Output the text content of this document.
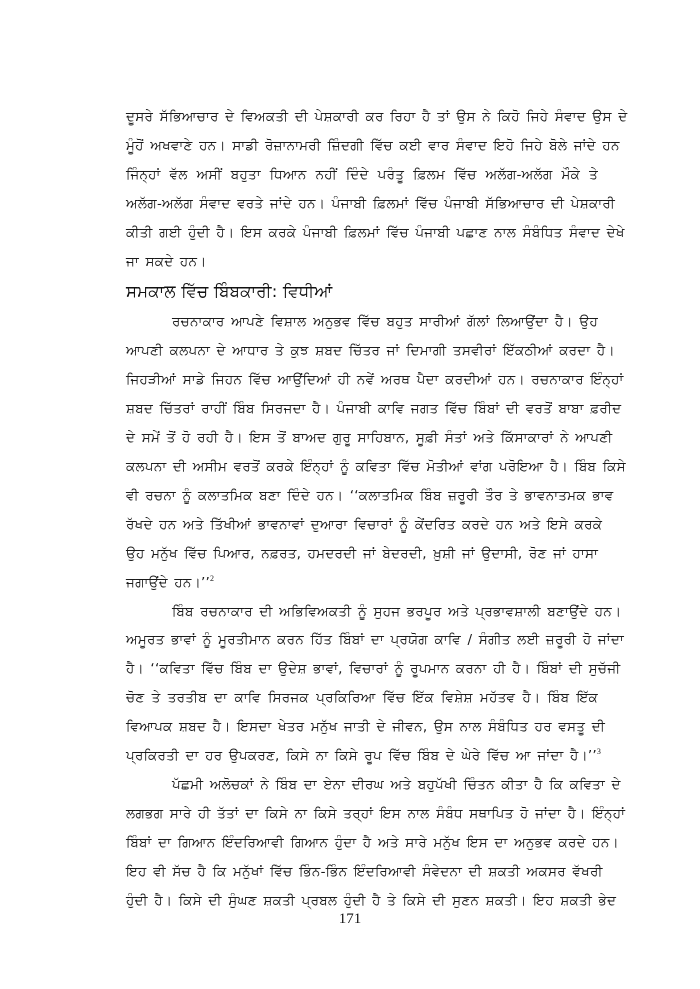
ਦੂਸਰੇ ਸੱਭਿਆਚਾਰ ਦੇ ਵਿਅਕਤੀ ਦੀ ਪੇਸ਼ਕਾਰੀ ਕਰ ਰਿਹਾ ਹੈ ਤਾਂ ਉਸ ਨੇ ਕਿਹੋ ਜਿਹੇ ਸੰਵਾਦ ਉਸ ਦੇ
ਮੂੰਹੋਂ ਅਖਵਾਣੇ ਹਨ। ਸਾਡੀ ਰੋਜ਼ਾਨਾਮਰੀ ਜ਼ਿੰਦਗੀ ਵਿੱਚ ਕਈ ਵਾਰ ਸੰਵਾਦ ਇਹੋ ਜਿਹੇ ਬੋਲੇ ਜਾਂਦੇ ਹਨ
ਜਿੰਨ੍ਹਾਂ ਵੱਲ ਅਸੀਂ ਬਹੁਤਾ ਧਿਆਨ ਨਹੀਂ ਦਿੰਦੇ ਪਰੰਤੂ ਫ਼ਿਲਮ ਵਿੱਚ ਅਲੱਗ-ਅਲੱਗ ਮੌਕੇ ਤੇ
ਅਲੱਗ-ਅਲੱਗ ਸੰਵਾਦ ਵਰਤੇ ਜਾਂਦੇ ਹਨ। ਪੰਜਾਬੀ ਫ਼ਿਲਮਾਂ ਵਿੱਚ ਪੰਜਾਬੀ ਸੱਭਿਆਚਾਰ ਦੀ ਪੇਸ਼ਕਾਰੀ
ਕੀਤੀ ਗਈ ਹੁੰਦੀ ਹੈ। ਇਸ ਕਰਕੇ ਪੰਜਾਬੀ ਫ਼ਿਲਮਾਂ ਵਿੱਚ ਪੰਜਾਬੀ ਪਛਾਣ ਨਾਲ ਸੰਬੰਧਿਤ ਸੰਵਾਦ ਦੇਖੇ
ਜਾ ਸਕਦੇ ਹਨ।

ਸਮਕਾਲ ਵਿੱਚ ਬਿੰਬਕਾਰੀ: ਵਿਧੀਆਂ

ਰਚਨਾਕਾਰ ਆਪਣੇ ਵਿਸ਼ਾਲ ਅਨੁਭਵ ਵਿੱਚ ਬਹੁਤ ਸਾਰੀਆਂ ਗੱਲਾਂ ਲਿਆਉਂਦਾ ਹੈ। ਉਹ
ਆਪਣੀ ਕਲਪਨਾ ਦੇ ਆਧਾਰ ਤੇ ਕੁਝ ਸ਼ਬਦ ਚਿੱਤਰ ਜਾਂ ਦਿਮਾਗੀ ਤਸਵੀਰਾਂ ਇੱਕਠੀਆਂ ਕਰਦਾ ਹੈ।
ਜਿਹੜੀਆਂ ਸਾਡੇ ਜਿਹਨ ਵਿੱਚ ਆਉਂਦਿਆਂ ਹੀ ਨਵੇਂ ਅਰਥ ਪੈਦਾ ਕਰਦੀਆਂ ਹਨ। ਰਚਨਾਕਾਰ ਇੰਨ੍ਹਾਂ
ਸ਼ਬਦ ਚਿੱਤਰਾਂ ਰਾਹੀਂ ਬਿੰਬ ਸਿਰਜਦਾ ਹੈ। ਪੰਜਾਬੀ ਕਾਵਿ ਜਗਤ ਵਿੱਚ ਬਿੰਬਾਂ ਦੀ ਵਰਤੋਂ ਬਾਬਾ ਫ਼ਰੀਦ
ਦੇ ਸਮੇਂ ਤੋਂ ਹੋ ਰਹੀ ਹੈ। ਇਸ ਤੋਂ ਬਾਅਦ ਗੁਰੂ ਸਾਹਿਬਾਨ, ਸੂਫ਼ੀ ਸੰਤਾਂ ਅਤੇ ਕਿੱਸਾਕਾਰਾਂ ਨੇ ਆਪਣੀ
ਕਲਪਨਾ ਦੀ ਅਸੀਮ ਵਰਤੋਂ ਕਰਕੇ ਇੰਨ੍ਹਾਂ ਨੂੰ ਕਵਿਤਾ ਵਿੱਚ ਮੋਤੀਆਂ ਵਾਂਗ ਪਰੋਇਆ ਹੈ। ਬਿੰਬ ਕਿਸੇ
ਵੀ ਰਚਨਾ ਨੂੰ ਕਲਾਤਮਿਕ ਬਣਾ ਦਿੰਦੇ ਹਨ। ‘‘ਕਲਾਤਮਿਕ ਬਿੰਬ ਜ਼ਰੂਰੀ ਤੌਰ ਤੇ ਭਾਵਨਾਤਮਕ ਭਾਵ
ਰੱਖਦੇ ਹਨ ਅਤੇ ਤਿੱਖੀਆਂ ਭਾਵਨਾਵਾਂ ਦੁਆਰਾ ਵਿਚਾਰਾਂ ਨੂੰ ਕੇਂਦਰਿਤ ਕਰਦੇ ਹਨ ਅਤੇ ਇਸੇ ਕਰਕੇ
ਉਹ ਮਨੁੱਖ ਵਿੱਚ ਪਿਆਰ, ਨਫ਼ਰਤ, ਹਮਦਰਦੀ ਜਾਂ ਬੇਦਰਦੀ, ਖ਼ੁਸ਼ੀ ਜਾਂ ਉਦਾਸੀ, ਰੋਣ ਜਾਂ ਹਾਸਾ
ਜਗਾਉਂਦੇ ਹਨ।’’$^2$

ਬਿੰਬ ਰਚਨਾਕਾਰ ਦੀ ਅਭਿਵਿਅਕਤੀ ਨੂੰ ਸੁਹਜ ਭਰਪੂਰ ਅਤੇ ਪ੍ਰਭਾਵਸ਼ਾਲੀ ਬਣਾਉਂਦੇ ਹਨ।
ਅਮੂਰਤ ਭਾਵਾਂ ਨੂੰ ਮੂਰਤੀਮਾਨ ਕਰਨ ਹਿੱਤ ਬਿੰਬਾਂ ਦਾ ਪ੍ਰਯੋਗ ਕਾਵਿ / ਸੰਗੀਤ ਲਈ ਜ਼ਰੂਰੀ ਹੋ ਜਾਂਦਾ
ਹੈ। ‘‘ਕਵਿਤਾ ਵਿੱਚ ਬਿੰਬ ਦਾ ਉਦੇਸ਼ ਭਾਵਾਂ, ਵਿਚਾਰਾਂ ਨੂੰ ਰੂਪਮਾਨ ਕਰਨਾ ਹੀ ਹੈ। ਬਿੰਬਾਂ ਦੀ ਸੁਚੱਜੀ
ਚੋਣ ਤੇ ਤਰਤੀਬ ਦਾ ਕਾਵਿ ਸਿਰਜਕ ਪ੍ਰਕਿਰਿਆ ਵਿੱਚ ਇੱਕ ਵਿਸ਼ੇਸ਼ ਮਹੱਤਵ ਹੈ। ਬਿੰਬ ਇੱਕ
ਵਿਆਪਕ ਸ਼ਬਦ ਹੈ। ਇਸਦਾ ਖੇਤਰ ਮਨੁੱਖ ਜਾਤੀ ਦੇ ਜੀਵਨ, ਉਸ ਨਾਲ ਸੰਬੰਧਿਤ ਹਰ ਵਸਤੂ ਦੀ
ਪ੍ਰਕਿਰਤੀ ਦਾ ਹਰ ਉਪਕਰਣ, ਕਿਸੇ ਨਾ ਕਿਸੇ ਰੂਪ ਵਿੱਚ ਬਿੰਬ ਦੇ ਘੇਰੇ ਵਿੱਚ ਆ ਜਾਂਦਾ ਹੈ।’’$^3$

ਪੱਛਮੀ ਅਲੋਚਕਾਂ ਨੇ ਬਿੰਬ ਦਾ ਏਨਾ ਦੀਰਘ ਅਤੇ ਬਹੁਪੱਖੀ ਚਿੰਤਨ ਕੀਤਾ ਹੈ ਕਿ ਕਵਿਤਾ ਦੇ
ਲਗਭਗ ਸਾਰੇ ਹੀ ਤੱਤਾਂ ਦਾ ਕਿਸੇ ਨਾ ਕਿਸੇ ਤਰ੍ਹਾਂ ਇਸ ਨਾਲ ਸੰਬੰਧ ਸਥਾਪਿਤ ਹੋ ਜਾਂਦਾ ਹੈ। ਇੰਨ੍ਹਾਂ
ਬਿੰਬਾਂ ਦਾ ਗਿਆਨ ਇੰਦਰਿਆਵੀ ਗਿਆਨ ਹੁੰਦਾ ਹੈ ਅਤੇ ਸਾਰੇ ਮਨੁੱਖ ਇਸ ਦਾ ਅਨੁਭਵ ਕਰਦੇ ਹਨ।
ਇਹ ਵੀ ਸੱਚ ਹੈ ਕਿ ਮਨੁੱਖਾਂ ਵਿੱਚ ਭਿੰਨ-ਭਿੰਨ ਇੰਦਰਿਆਵੀ ਸੰਵੇਦਨਾ ਦੀ ਸ਼ਕਤੀ ਅਕਸਰ ਵੱਖਰੀ
ਹੁੰਦੀ ਹੈ। ਕਿਸੇ ਦੀ ਸੁੰਘਣ ਸ਼ਕਤੀ ਪ੍ਰਬਲ ਹੁੰਦੀ ਹੈ ਤੇ ਕਿਸੇ ਦੀ ਸੁਣਨ ਸ਼ਕਤੀ। ਇਹ ਸ਼ਕਤੀ ਭੇਦ

171
